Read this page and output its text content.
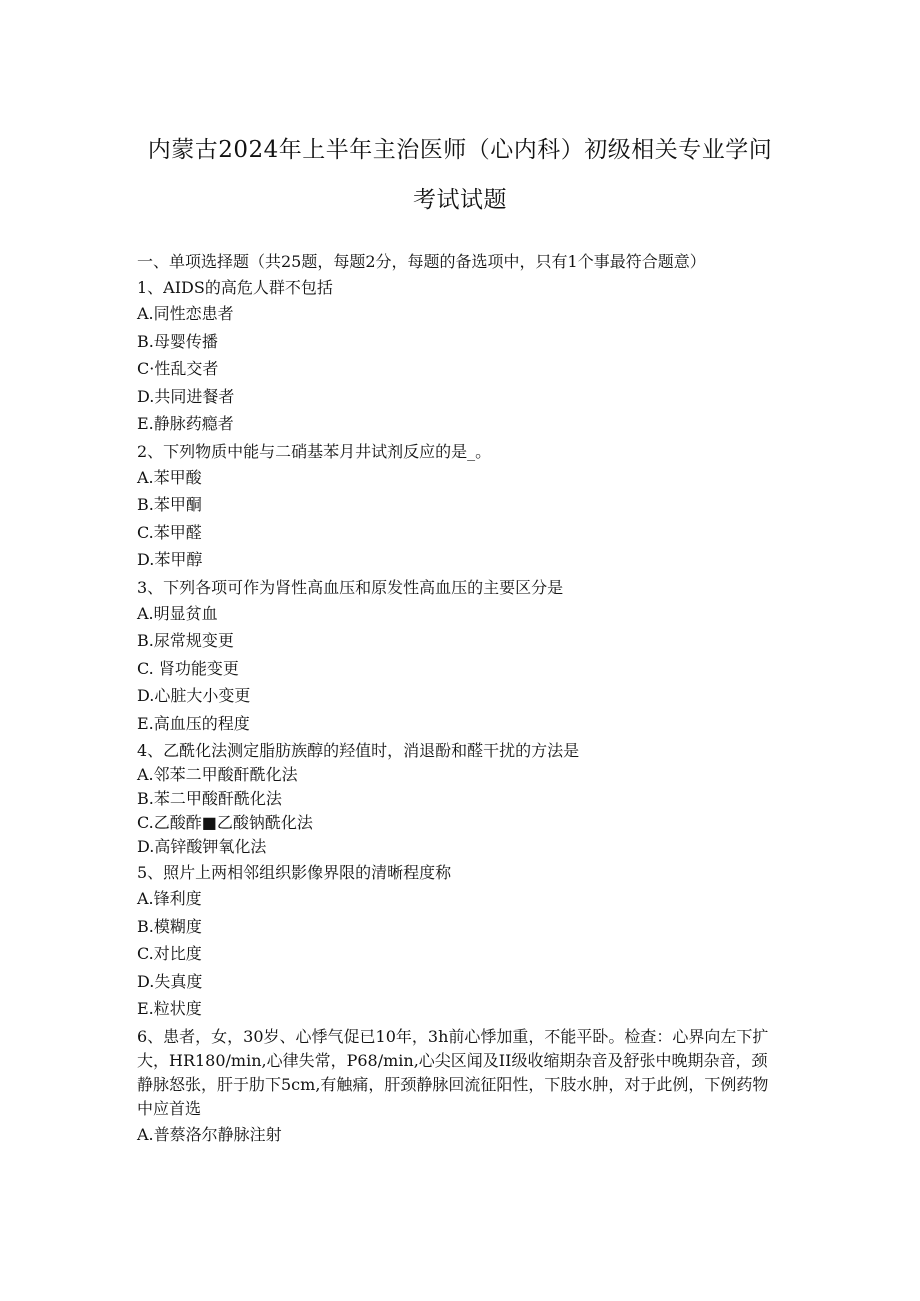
内蒙古2024年上半年主治医师（心内科）初级相关专业学问
考试试题
一、单项选择题（共25题，每题2分，每题的备选项中，只有1个事最符合题意）
1、AIDS的高危人群不包括
A.同性恋患者
B.母婴传播
C·性乱交者
D.共同进餐者
E.静脉药瘾者
2、下列物质中能与二硝基苯月井试剂反应的是_。
A.苯甲酸
B.苯甲酮
C.苯甲醛
D.苯甲醇
3、下列各项可作为肾性高血压和原发性高血压的主要区分是
A.明显贫血
B.尿常规变更
C. 肾功能变更
D.心脏大小变更
E.高血压的程度
4、乙酰化法测定脂肪族醇的羟值时，消退酚和醛干扰的方法是
A.邻苯二甲酸酐酰化法
B.苯二甲酸酐酰化法
C.乙酸酢■乙酸钠酰化法
D.高锌酸钾氧化法
5、照片上两相邻组织影像界限的清晰程度称
A.锋利度
B.模糊度
C.对比度
D.失真度
E.粒状度
6、患者，女，30岁、心悸气促已10年，3h前心悸加重，不能平卧。检查：心界向左下扩大，HR180/min,心律失常，P68/min,心尖区闻及II级收缩期杂音及舒张中晚期杂音，颈静脉怒张，肝于肋下5cm,有触痛，肝颈静脉回流征阳性，下肢水肿，对于此例，下例药物中应首选
A.普蔡洛尔静脉注射
